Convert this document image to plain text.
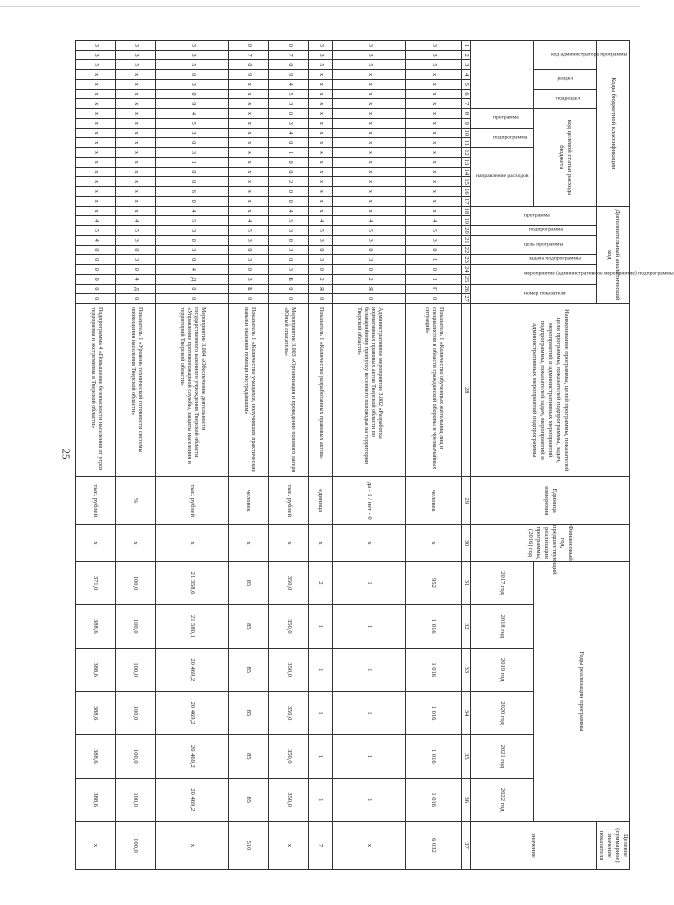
25
Коды бюджетной классификации																	Дополнительный аналитический код										Наименование программы, целей программы, показателей цели программы, показателей подпрограммы, задач, мероприятий и административных мероприятий подпрограммы, показателей задач, мероприятий и административных мероприятий подпрограммы	Единица измерения	Финансовый год, предшествующий реализации программы, (2016) год	Годы реализации программы						Целевое (суммарное) значение показателя

код администратора программы			раздел		подраздел		код целевой статьи расхода бюджета										программа		подпрограмма	цель программы		задача подпрограммы	мероприятие (административное мероприятие) подпрограммы		номер показателя											значение

							программа		подпрограмма		направление расходов																			2017 год	2018 год	2019 год	2020 год	2021 год	2022 год	
1	2	3	4	5	6	7	8	9	10	11	12	13	14	15	16	17	18	19	20	21	22	23	24	25	26	27	28	29	30	31	32	33	34	35	36	37
3	3	5	x	x	x	x	x	x	x	x	x	x	x	x	x	x	x	4	5	3	0	1	0	1	Г	0	Показатель 1 «Количество обученных жительниц лиц и специалистов в области гражданской обороны и чрезвычайных ситуаций»	человек	x	952	1 016	1 016	1 016	1 016	1 016	6 032
3	3	5	x	x	x	x	x	x	x	x	x	x	x	x	x	x	x	4	5	3	0	3	0	2	Я	0	Административное мероприятие 3.002 «Разработка нормативных правовых актов Тверской области по безаварийному пропуску весеннего половодья на территории Тверской области»	да - 1 / нет - 0	x	1	1	1	1	1	1	x
3	3	5	x	x	x	x	x	x	x	x	x	x	x	x	x	x	x	4	5	3	0	3	0	2	Я	0	Показатель 1 «Количество разработанных правовых актов»	единица	x	2	1	1	1	1	1	7
0	7	0	9	4	5	3	0	3	4	0	1	0	0	2	0	0	4	5	3	0	3	0	3	Б	0	0	Мероприятие 3.003 «Организация и проведение полевого лагеря «Юный спасатель»	тыс. рублей	x	350,0	350,0	350,0	350,0	350,0	350,0	x
0	7	0	9	x	x	x	x	x	x	x	x	x	x	x	x	x	x	4	5	3	0	3	0	3	Б	0	Показатель 1 «Количество учащихся, получивших практические навыки оказания помощи пострадавшим»	человек	x	85	85	85	85	85	85	510
3	3	5	0	3	0	9	4	5	3	0	3	1	0	0	6	0	4	5	3	0	3	0	4	Д	0	0	Мероприятие 3.004 «Обеспечение деятельности государственного казенного учреждения Тверской области «Управление противопожарной службы, защиты населения и территорий Тверской области»	тыс. рублей	x	21 358,6	21 580,1	20 469,2	20 469,2	20 469,2	20 469,2	x
3	3	5	x	x	x	x	x	x	x	x	x	x	x	x	x	x	x	4	5	3	0	3	0	4	Д	0	Показатель 1 «Уровень технической готовности системы оповещения населения Тверской области»	%	x	100,0	100,0	100,0	100,0	100,0	100,0	100,0
3	3	5	x	x	x	x	x	x	x	x	x	x	x	x	x	x	x	4	5	4	0	0	0	0	0	0	Подпрограмма 4 «Повышение безопасности населения от угроз терроризма и экстремизма в Тверской области»	тыс. рублей	x	371,0	388,6	388,6	388,6	388,6	388,6	x
